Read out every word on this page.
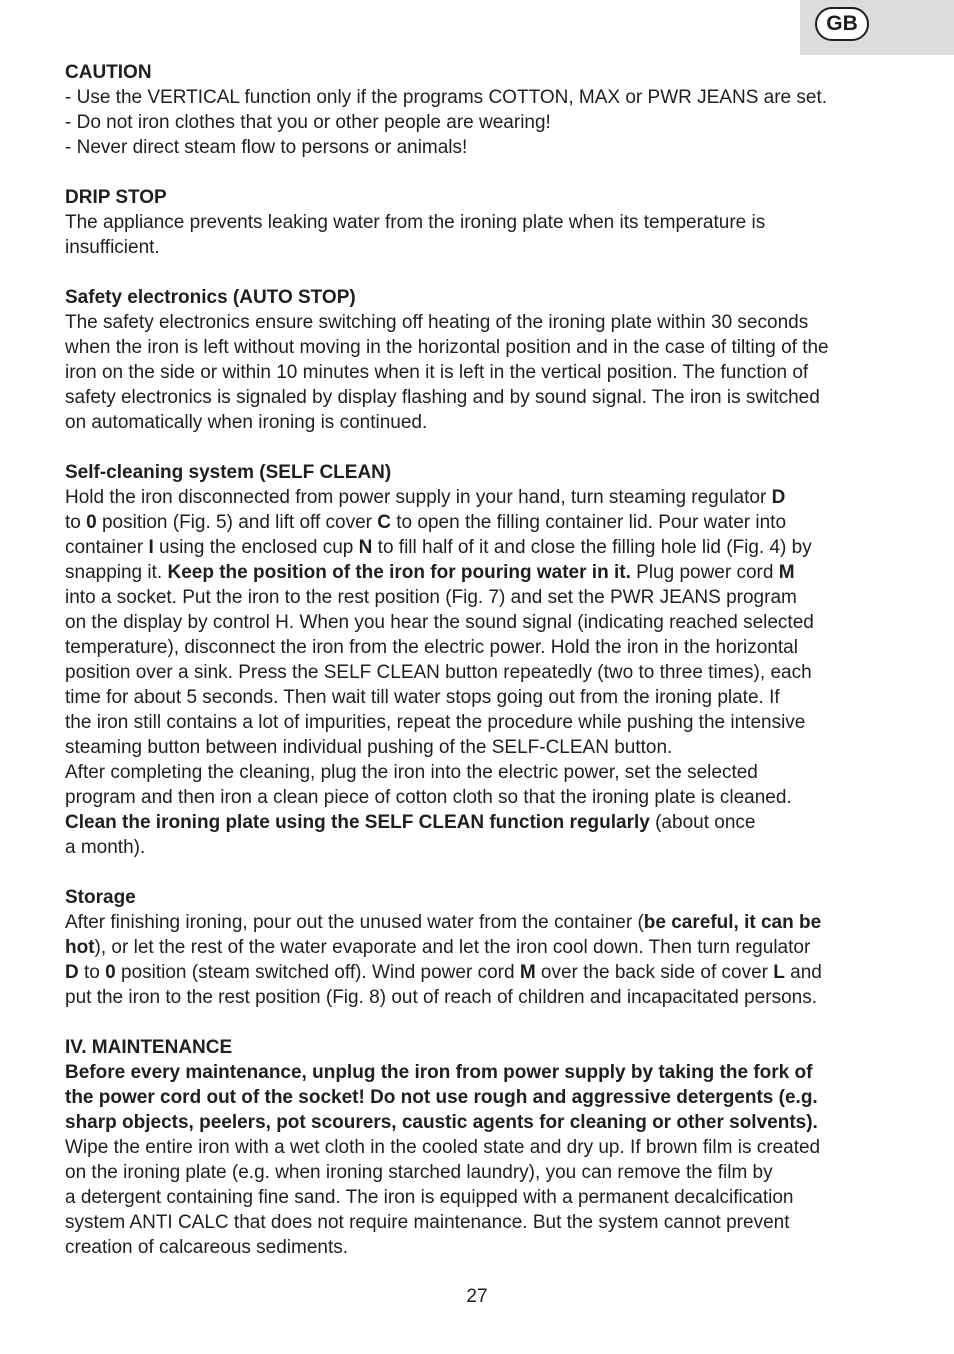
GB
CAUTION
- Use the VERTICAL function only if the programs COTTON, MAX or PWR JEANS are set.
- Do not iron clothes that you or other people are wearing!
- Never direct steam flow to persons or animals!
DRIP STOP
The appliance prevents leaking water from the ironing plate when its temperature is
insufficient.
Safety electronics (AUTO STOP)
The safety electronics ensure switching off heating of the ironing plate within 30 seconds
when the iron is left without moving in the horizontal position and in the case of tilting of the
iron on the side or within 10 minutes when it is left in the vertical position. The function of
safety electronics is signaled by display flashing and by sound signal. The iron is switched
on automatically when ironing is continued.
Self-cleaning system (SELF CLEAN)
Hold the iron disconnected from power supply in your hand, turn steaming regulator D
to 0 position (Fig. 5) and lift off cover C to open the filling container lid. Pour water into
container I using the enclosed cup N to fill half of it and close the filling hole lid (Fig. 4) by
snapping it. Keep the position of the iron for pouring water in it. Plug power cord M
into a socket. Put the iron to the rest position (Fig. 7) and set the PWR JEANS program
on the display by control H. When you hear the sound signal (indicating reached selected
temperature), disconnect the iron from the electric power. Hold the iron in the horizontal
position over a sink. Press the SELF CLEAN button repeatedly (two to three times), each
time for about 5 seconds. Then wait till water stops going out from the ironing plate. If
the iron still contains a lot of impurities, repeat the procedure while pushing the intensive
steaming button between individual pushing of the SELF-CLEAN button.
After completing the cleaning, plug the iron into the electric power, set the selected
program and then iron a clean piece of cotton cloth so that the ironing plate is cleaned.
Clean the ironing plate using the SELF CLEAN function regularly (about once
a month).
Storage
After finishing ironing, pour out the unused water from the container (be careful, it can be
hot), or let the rest of the water evaporate and let the iron cool down. Then turn regulator
D to 0 position (steam switched off). Wind power cord M over the back side of cover L and
put the iron to the rest position (Fig. 8) out of reach of children and incapacitated persons.
IV. MAINTENANCE
Before every maintenance, unplug the iron from power supply by taking the fork of
the power cord out of the socket! Do not use rough and aggressive detergents (e.g.
sharp objects, peelers, pot scourers, caustic agents for cleaning or other solvents).
Wipe the entire iron with a wet cloth in the cooled state and dry up. If brown film is created
on the ironing plate (e.g. when ironing starched laundry), you can remove the film by
a detergent containing fine sand. The iron is equipped with a permanent decalcification
system ANTI CALC that does not require maintenance. But the system cannot prevent
creation of calcareous sediments.
27
